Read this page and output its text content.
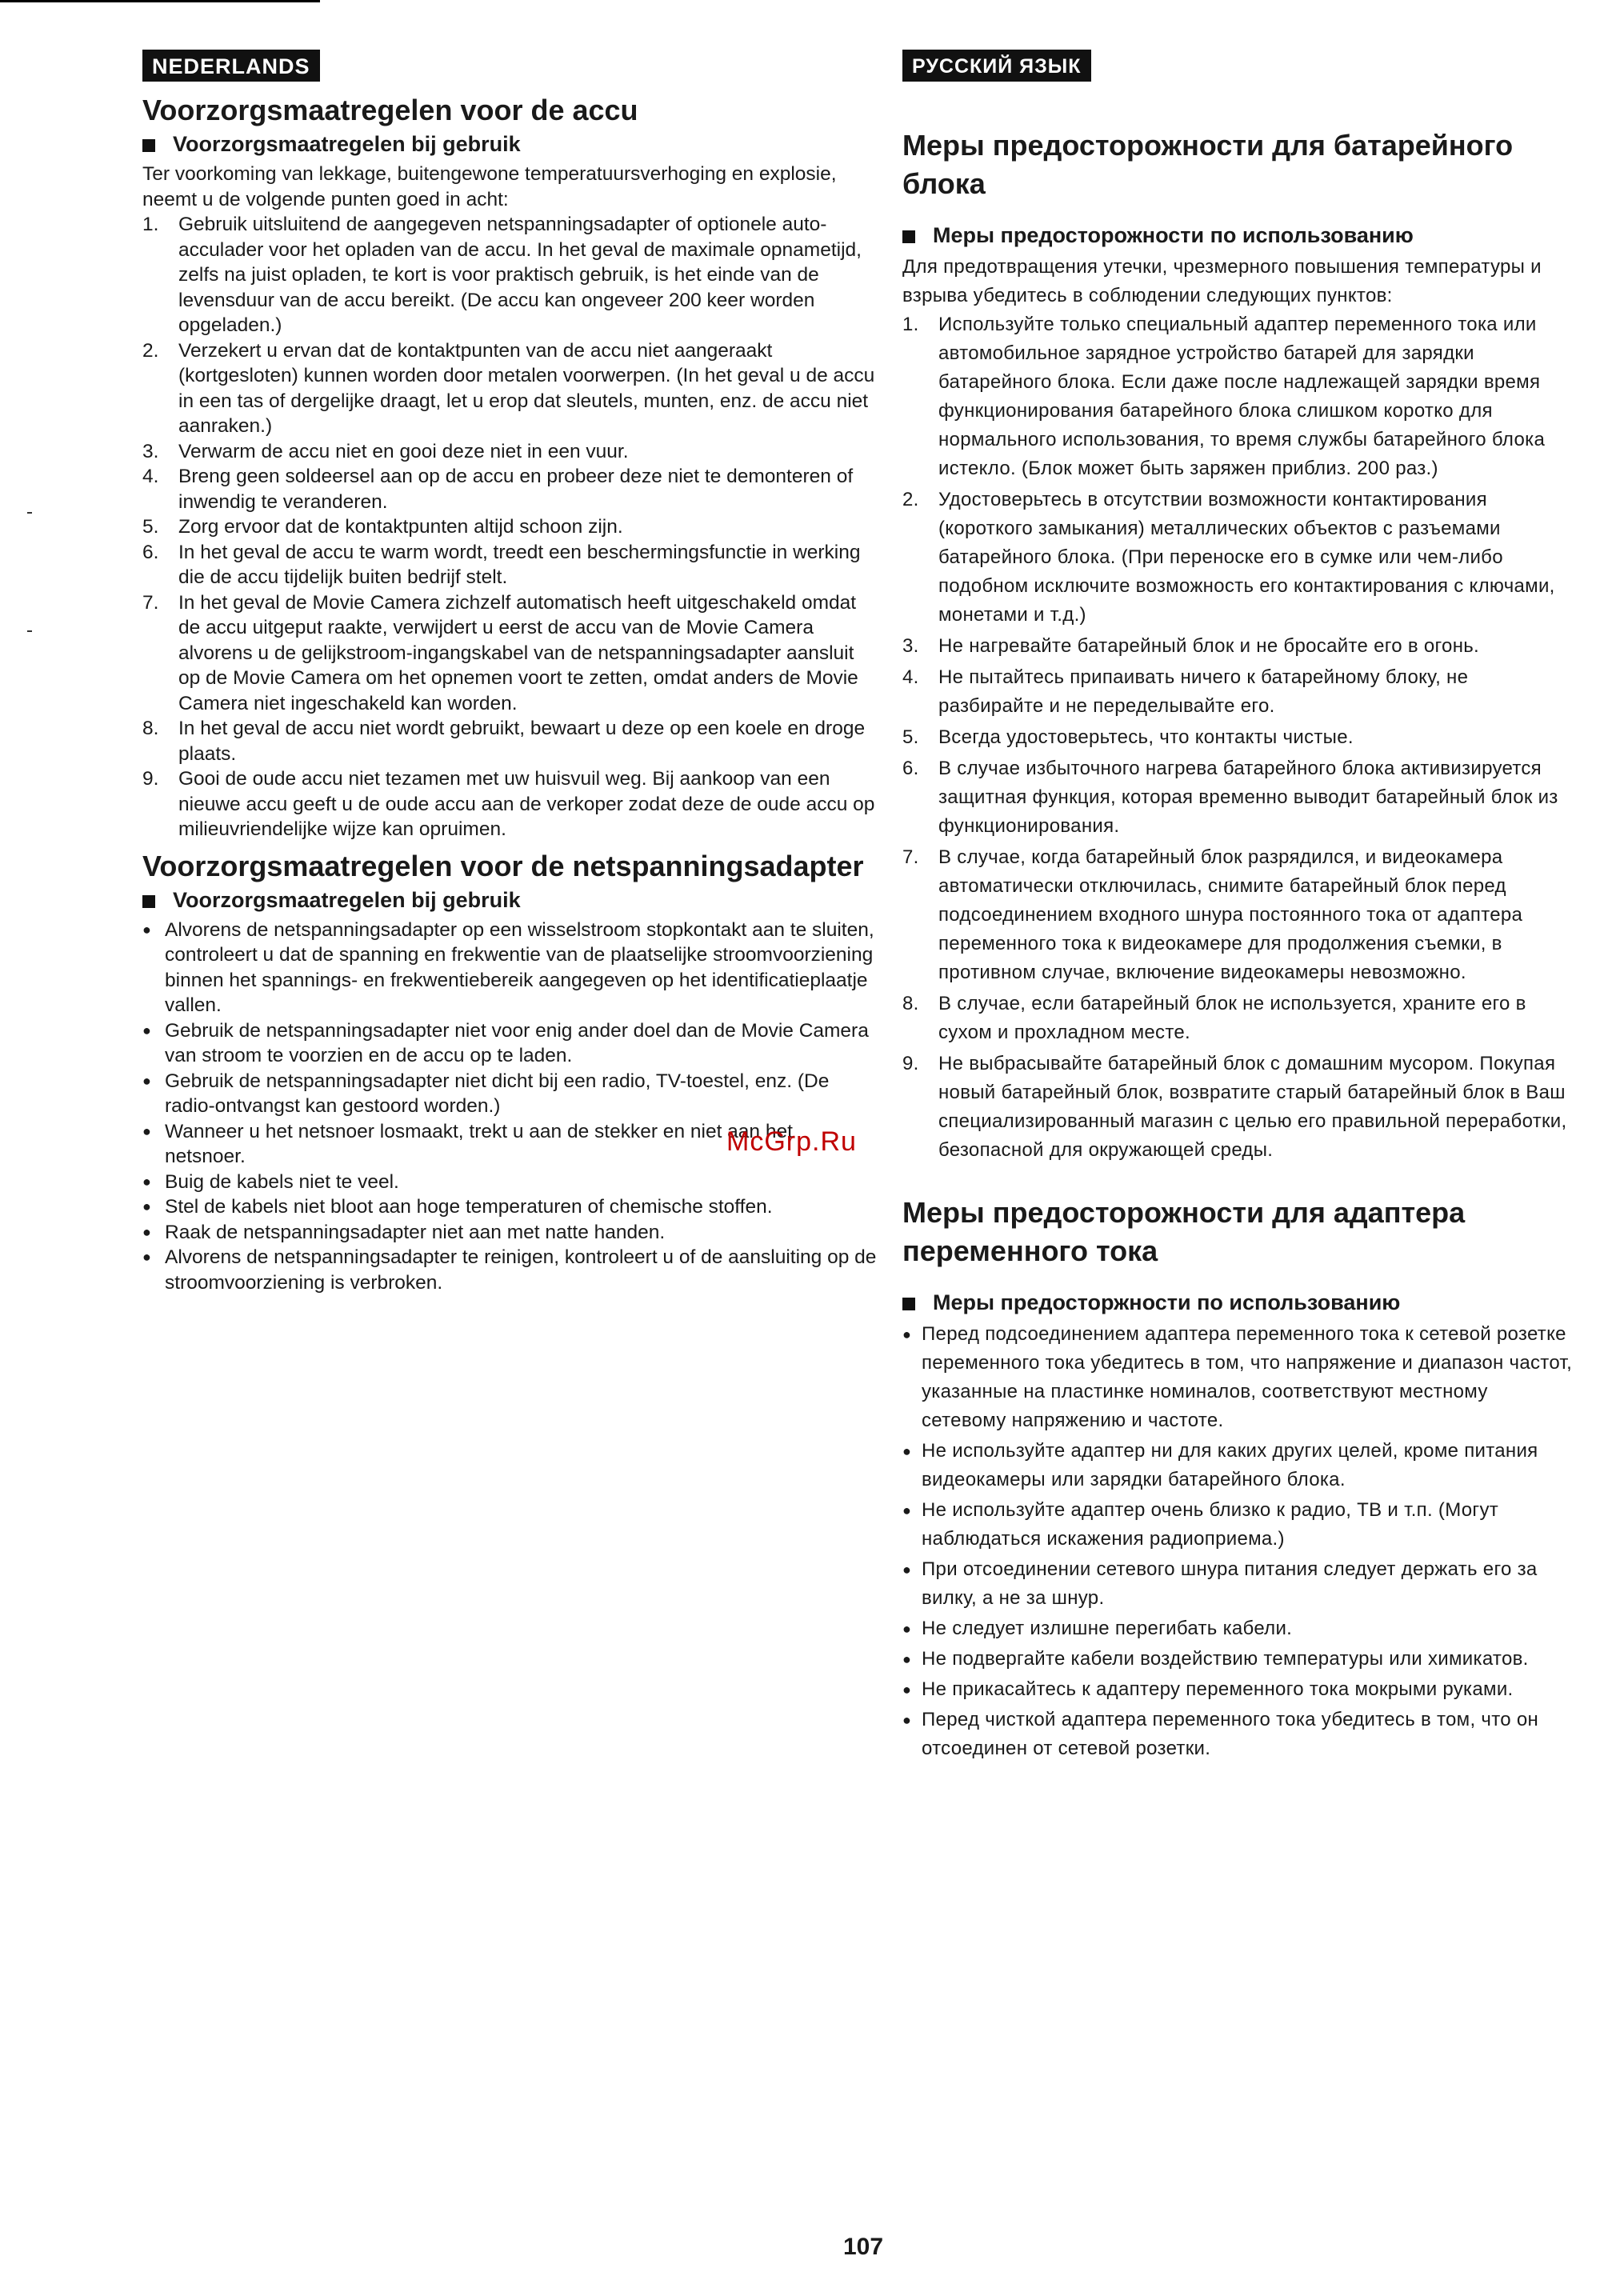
NEDERLANDS
Voorzorgsmaatregelen voor de accu
Voorzorgsmaatregelen bij gebruik

Ter voorkoming van lekkage, buitengewone temperatuursverhoging en explosie, neemt u de volgende punten goed in acht:

1. Gebruik uitsluitend de aangegeven netspanningsadapter of optionele auto-acculader voor het opladen van de accu. In het geval de maximale opnametijd, zelfs na juist opladen, te kort is voor praktisch gebruik, is het einde van de levensduur van de accu bereikt. (De accu kan ongeveer 200 keer worden opgeladen.)
2. Verzekert u ervan dat de kontaktpunten van de accu niet aangeraakt (kortgesloten) kunnen worden door metalen voorwerpen. (In het geval u de accu in een tas of dergelijke draagt, let u erop dat sleutels, munten, enz. de accu niet aanraken.)
3. Verwarm de accu niet en gooi deze niet in een vuur.
4. Breng geen soldeersel aan op de accu en probeer deze niet te demonteren of inwendig te veranderen.
5. Zorg ervoor dat de kontaktpunten altijd schoon zijn.
6. In het geval de accu te warm wordt, treedt een beschermingsfunctie in werking die de accu tijdelijk buiten bedrijf stelt.
7. In het geval de Movie Camera zichzelf automatisch heeft uitgeschakeld omdat de accu uitgeput raakte, verwijdert u eerst de accu van de Movie Camera alvorens u de gelijkstroom-ingangskabel van de netspanningsadapter aansluit op de Movie Camera om het opnemen voort te zetten, omdat anders de Movie Camera niet ingeschakeld kan worden.
8. In het geval de accu niet wordt gebruikt, bewaart u deze op een koele en droge plaats.
9. Gooi de oude accu niet tezamen met uw huisvuil weg. Bij aankoop van een nieuwe accu geeft u de oude accu aan de verkoper zodat deze de oude accu op milieuvriendelijke wijze kan opruimen.
Voorzorgsmaatregelen voor de netspanningsadapter
Voorzorgsmaatregelen bij gebruik
● Alvorens de netspanningsadapter op een wisselstroom stopkontakt aan te sluiten, controleert u dat de spanning en frekwentie van de plaatselijke stroomvoorziening binnen het spannings- en frekwentiebereik aangegeven op het identificatieplaatje vallen.
● Gebruik de netspanningsadapter niet voor enig ander doel dan de Movie Camera van stroom te voorzien en de accu op te laden.
● Gebruik de netspanningsadapter niet dicht bij een radio, TV-toestel, enz. (De radio-ontvangst kan gestoord worden.)
● Wanneer u het netsnoer losmaakt, trekt u aan de stekker en niet aan het netsnoer.
● Buig de kabels niet te veel.
● Stel de kabels niet bloot aan hoge temperaturen of chemische stoffen.
● Raak de netspanningsadapter niet aan met natte handen.
● Alvorens de netspanningsadapter te reinigen, kontroleert u of de aansluiting op de stroomvoorziening is verbroken.
РУССКИЙ ЯЗЫК
Меры предосторожности для батарейного блока
Меры предосторожности по использованию

Для предотвращения утечки, чрезмерного повышения температуры и взрыва убедитесь в соблюдении следующих пунктов:

1. Используйте только специальный адаптер переменного тока или автомобильное зарядное устройство батарей для зарядки батарейного блока. Если даже после надлежащей зарядки время функционирования батарейного блока слишком коротко для нормального использования, то время службы батарейного блока истекло. (Блок может быть заряжен приблиз. 200 раз.)
2. Удостоверьтесь в отсутствии возможности контактирования (короткого замыкания) металлических объектов с разъемами батарейного блока. (При переноске его в сумке или чем-либо подобном исключите возможность его контактирования с ключами, монетами и т.д.)
3. Не нагревайте батарейный блок и не бросайте его в огонь.
4. Не пытайтесь припаивать ничего к батарейному блоку, не разбирайте и не переделывайте его.
5. Всегда удостоверьтесь, что контакты чистые.
6. В случае избыточного нагрева батарейного блока активизируется защитная функция, которая временно выводит батарейный блок из функционирования.
7. В случае, когда батарейный блок разрядился, и видеокамера автоматически отключилась, снимите батарейный блок перед подсоединением входного шнура постоянного тока от адаптера переменного тока к видеокамере для продолжения съемки, в противном случае, включение видеокамеры невозможно.
8. В случае, если батарейный блок не используется, храните его в сухом и прохладном месте.
9. Не выбрасывайте батарейный блок с домашним мусором. Покупая новый батарейный блок, возвратите старый батарейный блок в Ваш специализированный магазин с целью его правильной переработки, безопасной для окружающей среды.
Меры предосторожности для адаптера переменного тока
Меры предосторжности по использованию
● Перед подсоединением адаптера переменного тока к сетевой розетке переменного тока убедитесь в том, что напряжение и диапазон частот, указанные на пластинке номиналов, соответствуют местному сетевому напряжению и частоте.
● Не используйте адаптер ни для каких других целей, кроме питания видеокамеры или зарядки батарейного блока.
● Не используйте адаптер очень близко к радио, ТВ и т.п. (Могут наблюдаться искажения радиоприема.)
● При отсоединении сетевого шнура питания следует держать его за вилку, а не за шнур.
● Не следует излишне перегибать кабели.
● Не подвергайте кабели воздействию температуры или химикатов.
● Не прикасайтесь к адаптеру переменного тока мокрыми руками.
● Перед чисткой адаптера переменного тока убедитесь в том, что он отсоединен от сетевой розетки.
McGrp.Ru
107
